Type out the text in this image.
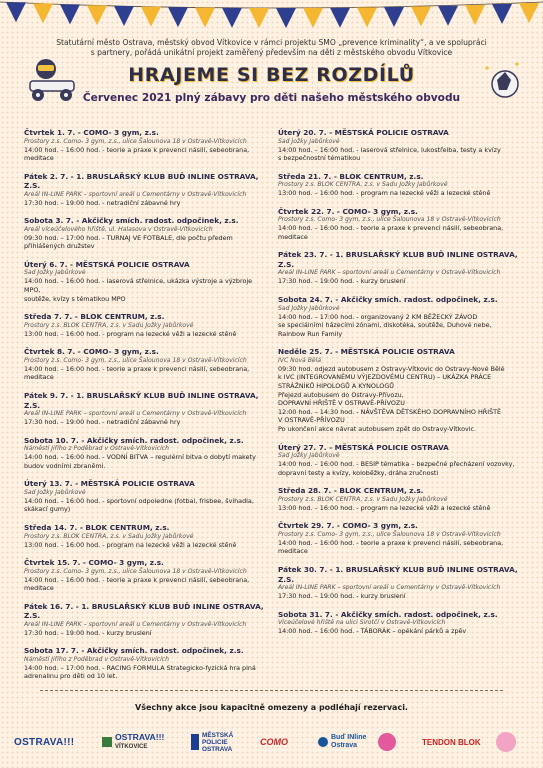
Statutární město Ostrava, městský obvod Vítkovice v rámci projektu SMO „prevence kriminality“, a ve spolupráci
s partnery, pořádá unikátní projekt zaměřený především na děti z městského obvodu Vítkovice
HRAJEME SI BEZ ROZDÍLŮ
Červenec 2021 plný zábavy pro děti našeho městského obvodu
Čtvrtek 1. 7. - COMO- 3 gym, z.s.
Prostory z.s. Como- 3 gym, z.s., ulice Šalounova 18 v Ostravě-Vítkovicích
14:00 hod. – 16:00 hod. - teorie a praxe k prevenci násilí, sebeobrana,
meditace
Pátek 2. 7. - 1. BRUSLAŘSKÝ KLUB BUĎ INLINE OSTRAVA, Z.S.
Areál IN-LINE PARK – sportovní areál u Cementárny v Ostravě-Vítkovicích
17:30 hod. – 19:00 hod. - netradiční zábavné hry
Sobota 3. 7. - Akčičky smích. radost. odpočinek, z.s.
Areál víceúčelového hřiště, ul. Halasova v Ostravě-Vítkovicích
09:30 hod. – 17:00 hod. - TURNAJ VE FOTBALE, dle počtu předem
přihlášených družstev
Úterý 6. 7. - MĚSTSKÁ POLICIE OSTRAVA
Sad Jožky Jabůrkové
14:00 hod. – 16:00 hod. - laserová střelnice, ukázka výstroje a výzbroje MPO,
soutěže, kvízy s tématikou MPO
Středa 7. 7. - BLOK CENTRUM, z.s.
Prostory z.s. BLOK CENTRA, z.s. v Sadu Jožky Jabůrkové
13:00 hod. – 16:00 hod. - program na lezecké věži a lezecké stěně
Čtvrtek 8. 7. - COMO- 3 gym, z.s.
Prostory z.s. Como- 3 gym, z.s., ulice Šalounova 18 v Ostravě-Vítkovicích
14:00 hod. – 16:00 hod. - teorie a praxe k prevenci násilí, sebeobrana,
meditace
Pátek 9. 7. - 1. BRUSLAŘSKÝ KLUB BUĎ INLINE OSTRAVA, Z.S.
Areál IN-LINE PARK – sportovní areál u Cementárny v Ostravě-Vítkovicích
17:30 hod. – 19:00 hod. - netradiční zábavné hry
Sobota 10. 7. - Akčičky smích. radost. odpočinek, z.s.
Náměstí Jiřího z Poděbrad v Ostravě-Vítkovicích
14:00 hod. – 16:00 hod. - VODNÍ BITVA – regulérní bitva o dobytí makety
budov vodními zbraněmi.
Úterý 13. 7. - MĚSTSKÁ POLICIE OSTRAVA
Sad Jožky Jabůrkové
14:00 hod. – 16:00 hod. - sportovní odpoledne (fotbal, frisbee, švihadla,
skákací gumy)
Středa 14. 7. - BLOK CENTRUM, z.s.
Prostory z.s. BLOK CENTRA, z.s. v Sadu Jožky Jabůrkové
13:00 hod. – 16:00 hod. - program na lezecké věži a lezecké stěně
Čtvrtek 15. 7. - COMO- 3 gym, z.s.
Prostory z.s. Como- 3 gym, z.s., ulice Šalounova 18 v Ostravě-Vítkovicích
14:00 hod. – 16:00 hod. - teorie a praxe k prevenci násilí, sebeobrana,
meditace
Pátek 16. 7. - 1. BRUSLAŘSKÝ KLUB BUĎ INLINE OSTRAVA, Z.S.
Areál IN-LINE PARK – sportovní areál u Cementárny v Ostravě-Vítkovicích
17:30 hod. – 19:00 hod. - kurzy bruslení
Sobota 17. 7. - Akčičky smích. radost. odpočinek, z.s.
Náměstí Jiřího z Poděbrad v Ostravě-Vítkovicích
14:00 hod. – 17:00 hod. - RACING FORMULA Strategicko-fyzická hra plná
adrenalinu pro děti od 10 let.
Úterý 20. 7. - MĚSTSKÁ POLICIE OSTRAVA
Sad Jožky Jabůrkové
14:00 hod. – 16:00 hod. - laserová střelnice, lukostřelba, testy a kvízy
s bezpečnostní tématikou
Středa 21. 7. - BLOK CENTRUM, z.s.
Prostory z.s. BLOK CENTRA, z.s. v Sadu Jožky Jabůrkové
13:00 hod. – 16:00 hod. - program na lezecké věži a lezecké stěně
Čtvrtek 22. 7. - COMO- 3 gym, z.s.
Prostory z.s. Como- 3 gym, z.s., ulice Šalounova 18 v Ostravě-Vítkovicích
14:00 hod. – 16:00 hod. - teorie a praxe k prevenci násilí, sebeobrana,
meditace
Pátek 23. 7. - 1. BRUSLAŘSKÝ KLUB BUĎ INLINE OSTRAVA, Z.S.
Areál IN-LINE PARK – sportovní areál u Cementárny v Ostravě-Vítkovicích
17:30 hod. – 19:00 hod. - kurzy bruslení
Sobota 24. 7. - Akčičky smích. radost. odpočinek, z.s.
Sad Jožky Jabůrkové
14:00 hod. – 17:00 hod. - organizovaný 2 KM BĚŽECKÝ ZÁVOD
se speciálními házecími zónami, diskotéka, soutěže, Duhové nebe,
Rainbow Run Family
Neděle 25. 7. - MĚSTSKÁ POLICIE OSTRAVA
IVC Nová Bělá
09:30 hod. odjezd autobusem z Ostravy-Vítkovic do Ostravy-Nové Bělé
k IVC (INTEGROVANÉMU VÝJEZDOVÉMU CENTRU) – UKÁZKA PRÁCE
STRÁŽNÍKŮ HIPOLOGŮ A KYNOLOGŮ
Přejezd autobusem do Ostravy-Přívozu,
DOPRAVNÍ HŘIŠTĚ V OSTRAVĚ-PŘÍVOZU
12:00 hod. – 14:30 hod. - NÁVŠTĚVA DĚTSKÉHO DOPRAVNÍHO HŘIŠTĚ
V OSTRAVĚ-PŘÍVOZU
Po ukončení akce návrat autobusem zpět do Ostravy-Vítkovic.
Úterý 27. 7. - MĚSTSKÁ POLICIE OSTRAVA
Sad Jožky Jabůrkové
14:00 hod. – 16:00 hod. - BESIP tématika – bezpečné přecházení vozovky,
dopravní testy a kvízy, koloběžky, dráha zručnosti
Středa 28. 7. - BLOK CENTRUM, z.s.
Prostory z.s. BLOK CENTRA, z.s. v Sadu Jožky Jabůrkové
13:00 hod. – 16:00 hod. - program na lezecké věži a lezecké stěně
Čtvrtek 29. 7. - COMO- 3 gym, z.s.
Prostory z.s. Como- 3 gym, z.s., ulice Šalounova 18 v Ostravě-Vítkovicích
14:00 hod. – 16:00 hod. - teorie a praxe k prevenci násilí, sebeobrana,
meditace
Pátek 30. 7. - 1. BRUSLAŘSKÝ KLUB BUĎ INLINE OSTRAVA, Z.S.
Areál IN-LINE PARK – sportovní areál u Cementárny v Ostravě-Vítkovicích
17:30 hod. – 19:00 hod. - kurzy bruslení
Sobota 31. 7. - Akčičky smích. radost. odpočinek, z.s.
Víceúčelové hřiště na ulici Sirotčí v Ostravě-Vítkovicích
14:00 hod. – 16:00 hod. - TÁBORÁK – opékání párků a zpěv
Všechny akce jsou kapacitně omezeny a podléhají rezervaci.
OSTRAVA!!!	OSTRAVA!!!
VÍTKOVICE
MĚSTSKÁ
POLICIE
OSTRAVA
COMO	Buď INline
Ostrava	TENDON BLOK
